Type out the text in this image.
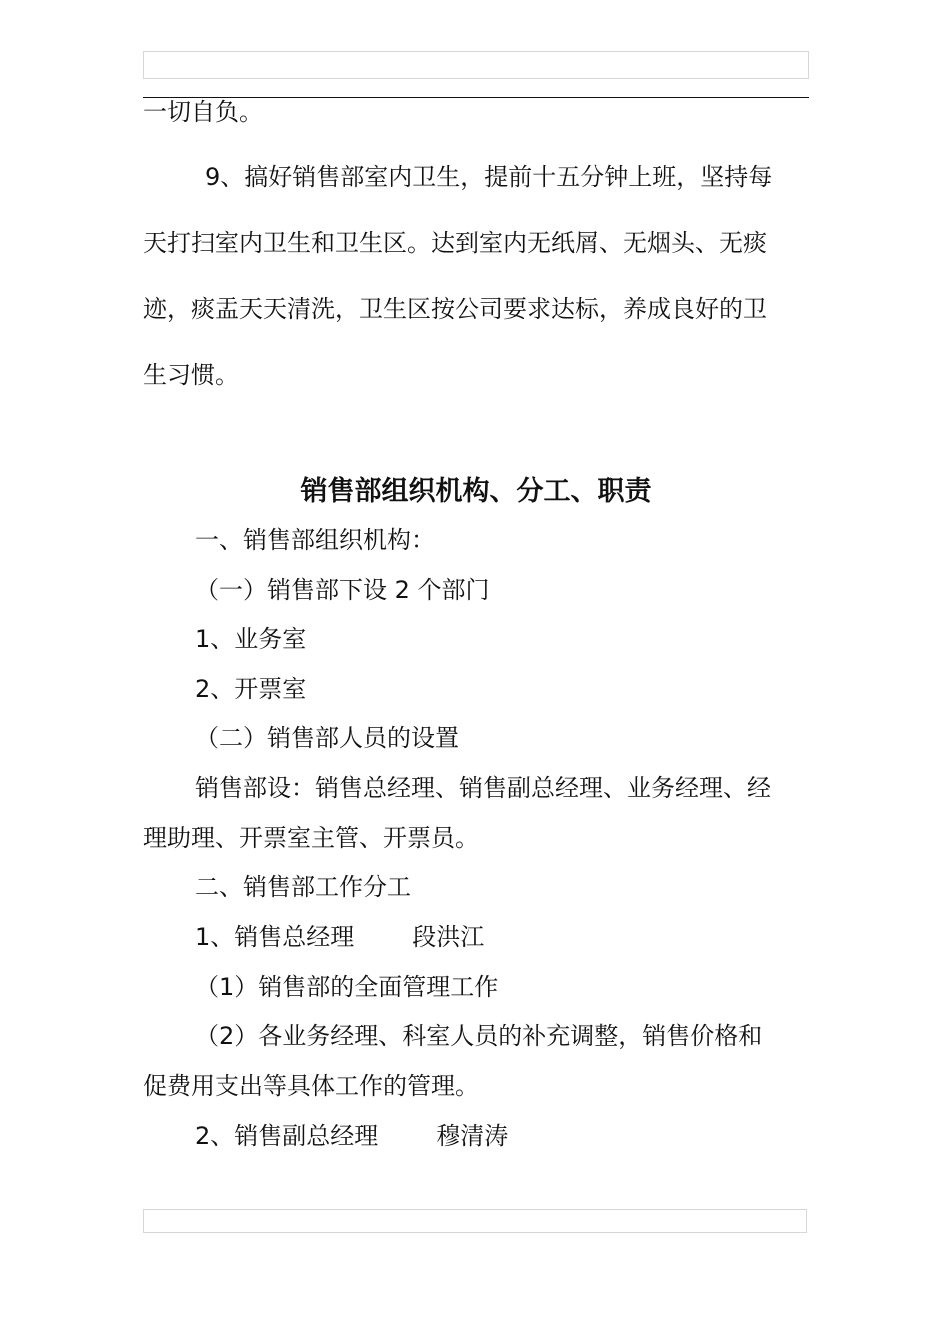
一切自负。
9、搞好销售部室内卫生，提前十五分钟上班，坚持每
天打扫室内卫生和卫生区。达到室内无纸屑、无烟头、无痰
迹，痰盂天天清洗，卫生区按公司要求达标，养成良好的卫
生习惯。
销售部组织机构、分工、职责
一、销售部组织机构：
（一）销售部下设 2 个部门
1、业务室
2、开票室
（二）销售部人员的设置
销售部设：销售总经理、销售副总经理、业务经理、经
理助理、开票室主管、开票员。
二、销售部工作分工
1、销售总经理 段洪江
（1）销售部的全面管理工作
（2）各业务经理、科室人员的补充调整，销售价格和
促费用支出等具体工作的管理。
2、销售副总经理 穆清涛
